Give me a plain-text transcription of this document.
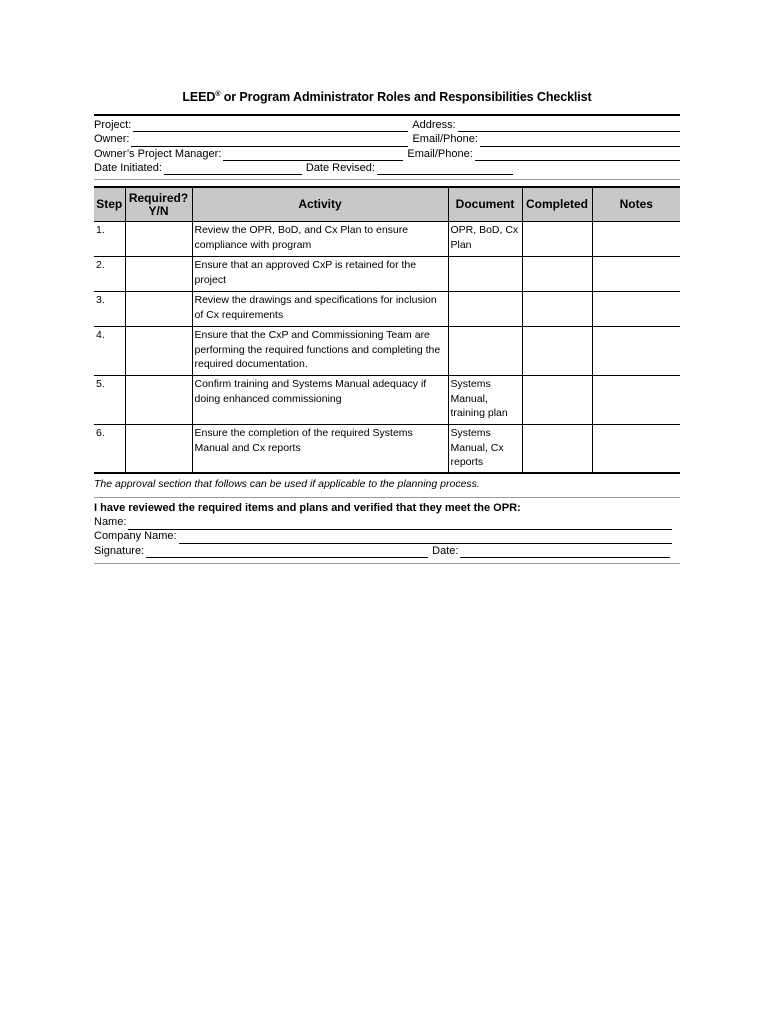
LEED® or Program Administrator Roles and Responsibilities Checklist
Project:	Address:
Owner:	Email/Phone:
Owner’s Project Manager:	Email/Phone:
Date Initiated:	Date Revised:
Step	Required? Y/N	Activity	Document	Completed	Notes
1.		Review the OPR, BoD, and Cx Plan to ensure compliance with program	OPR, BoD, Cx Plan		
2.		Ensure that an approved CxP is retained for the project			
3.		Review the drawings and specifications for inclusion of Cx requirements			
4.		Ensure that the CxP and Commissioning Team are performing the required functions and completing the required documentation.			
5.		Confirm training and Systems Manual adequacy if doing enhanced commissioning	Systems Manual, training plan		
6.		Ensure the completion of the required Systems Manual and Cx reports	Systems Manual, Cx reports		
The approval section that follows can be used if applicable to the planning process.
I have reviewed the required items and plans and verified that they meet the OPR:
Name:
Company Name:
Signature:	Date:
